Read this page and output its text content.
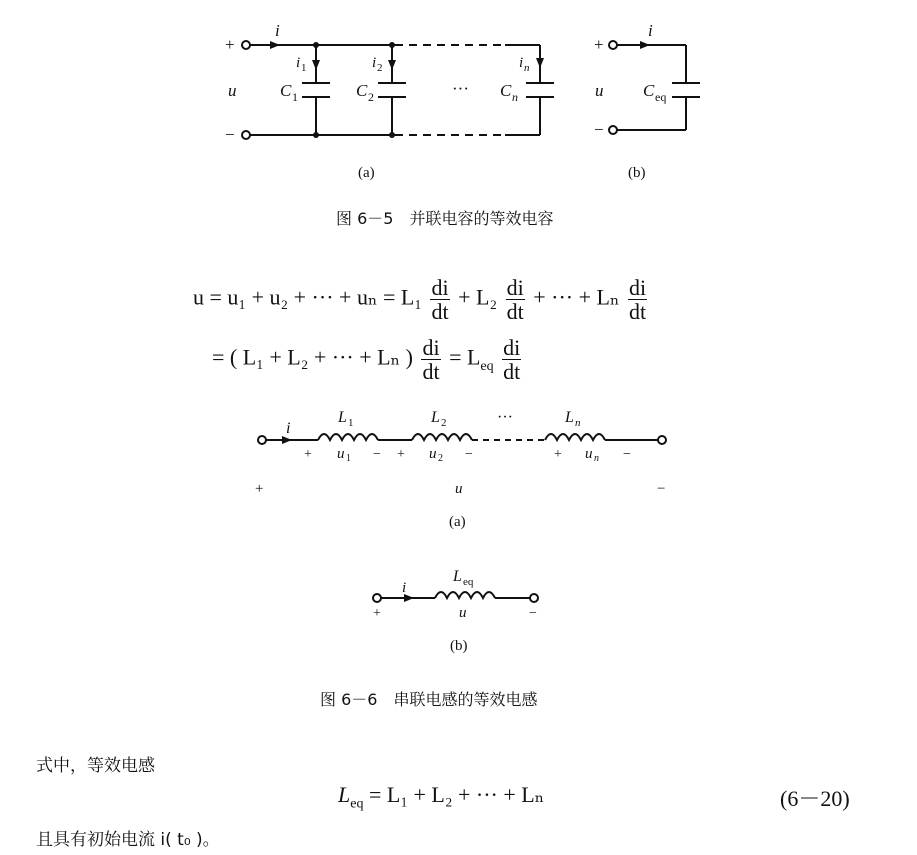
+
−
i
u
i 1	i 2	i n
C 1	C 2	C n
···
(a)
+
−
i
u C eq
(b)
图 6－5　并联电容的等效电容
u = u₁ + u₂ + ··· + $u_n = L_1 \frac{di}{dt} + L_2 \frac{di}{dt}$ + ··· + Lₙ $\frac{di}{dt}$
= ( L₁ + L₂ + ··· + Lₙ ) $\frac{di}{dt} = L_{eq} \frac{di}{dt}$
i
L 1	L 2	···	L n
+ u 1 − + u 2 −	+ u n −
+	u	−
(a)
L eq
i
+	u	−
(b)
图 6－6　串联电感的等效电感
式中，等效电感
$L_{eq} = L_1 + L_2$ + ··· + Lₙ	(6－20)
且具有初始电流 i( t₀ )。
